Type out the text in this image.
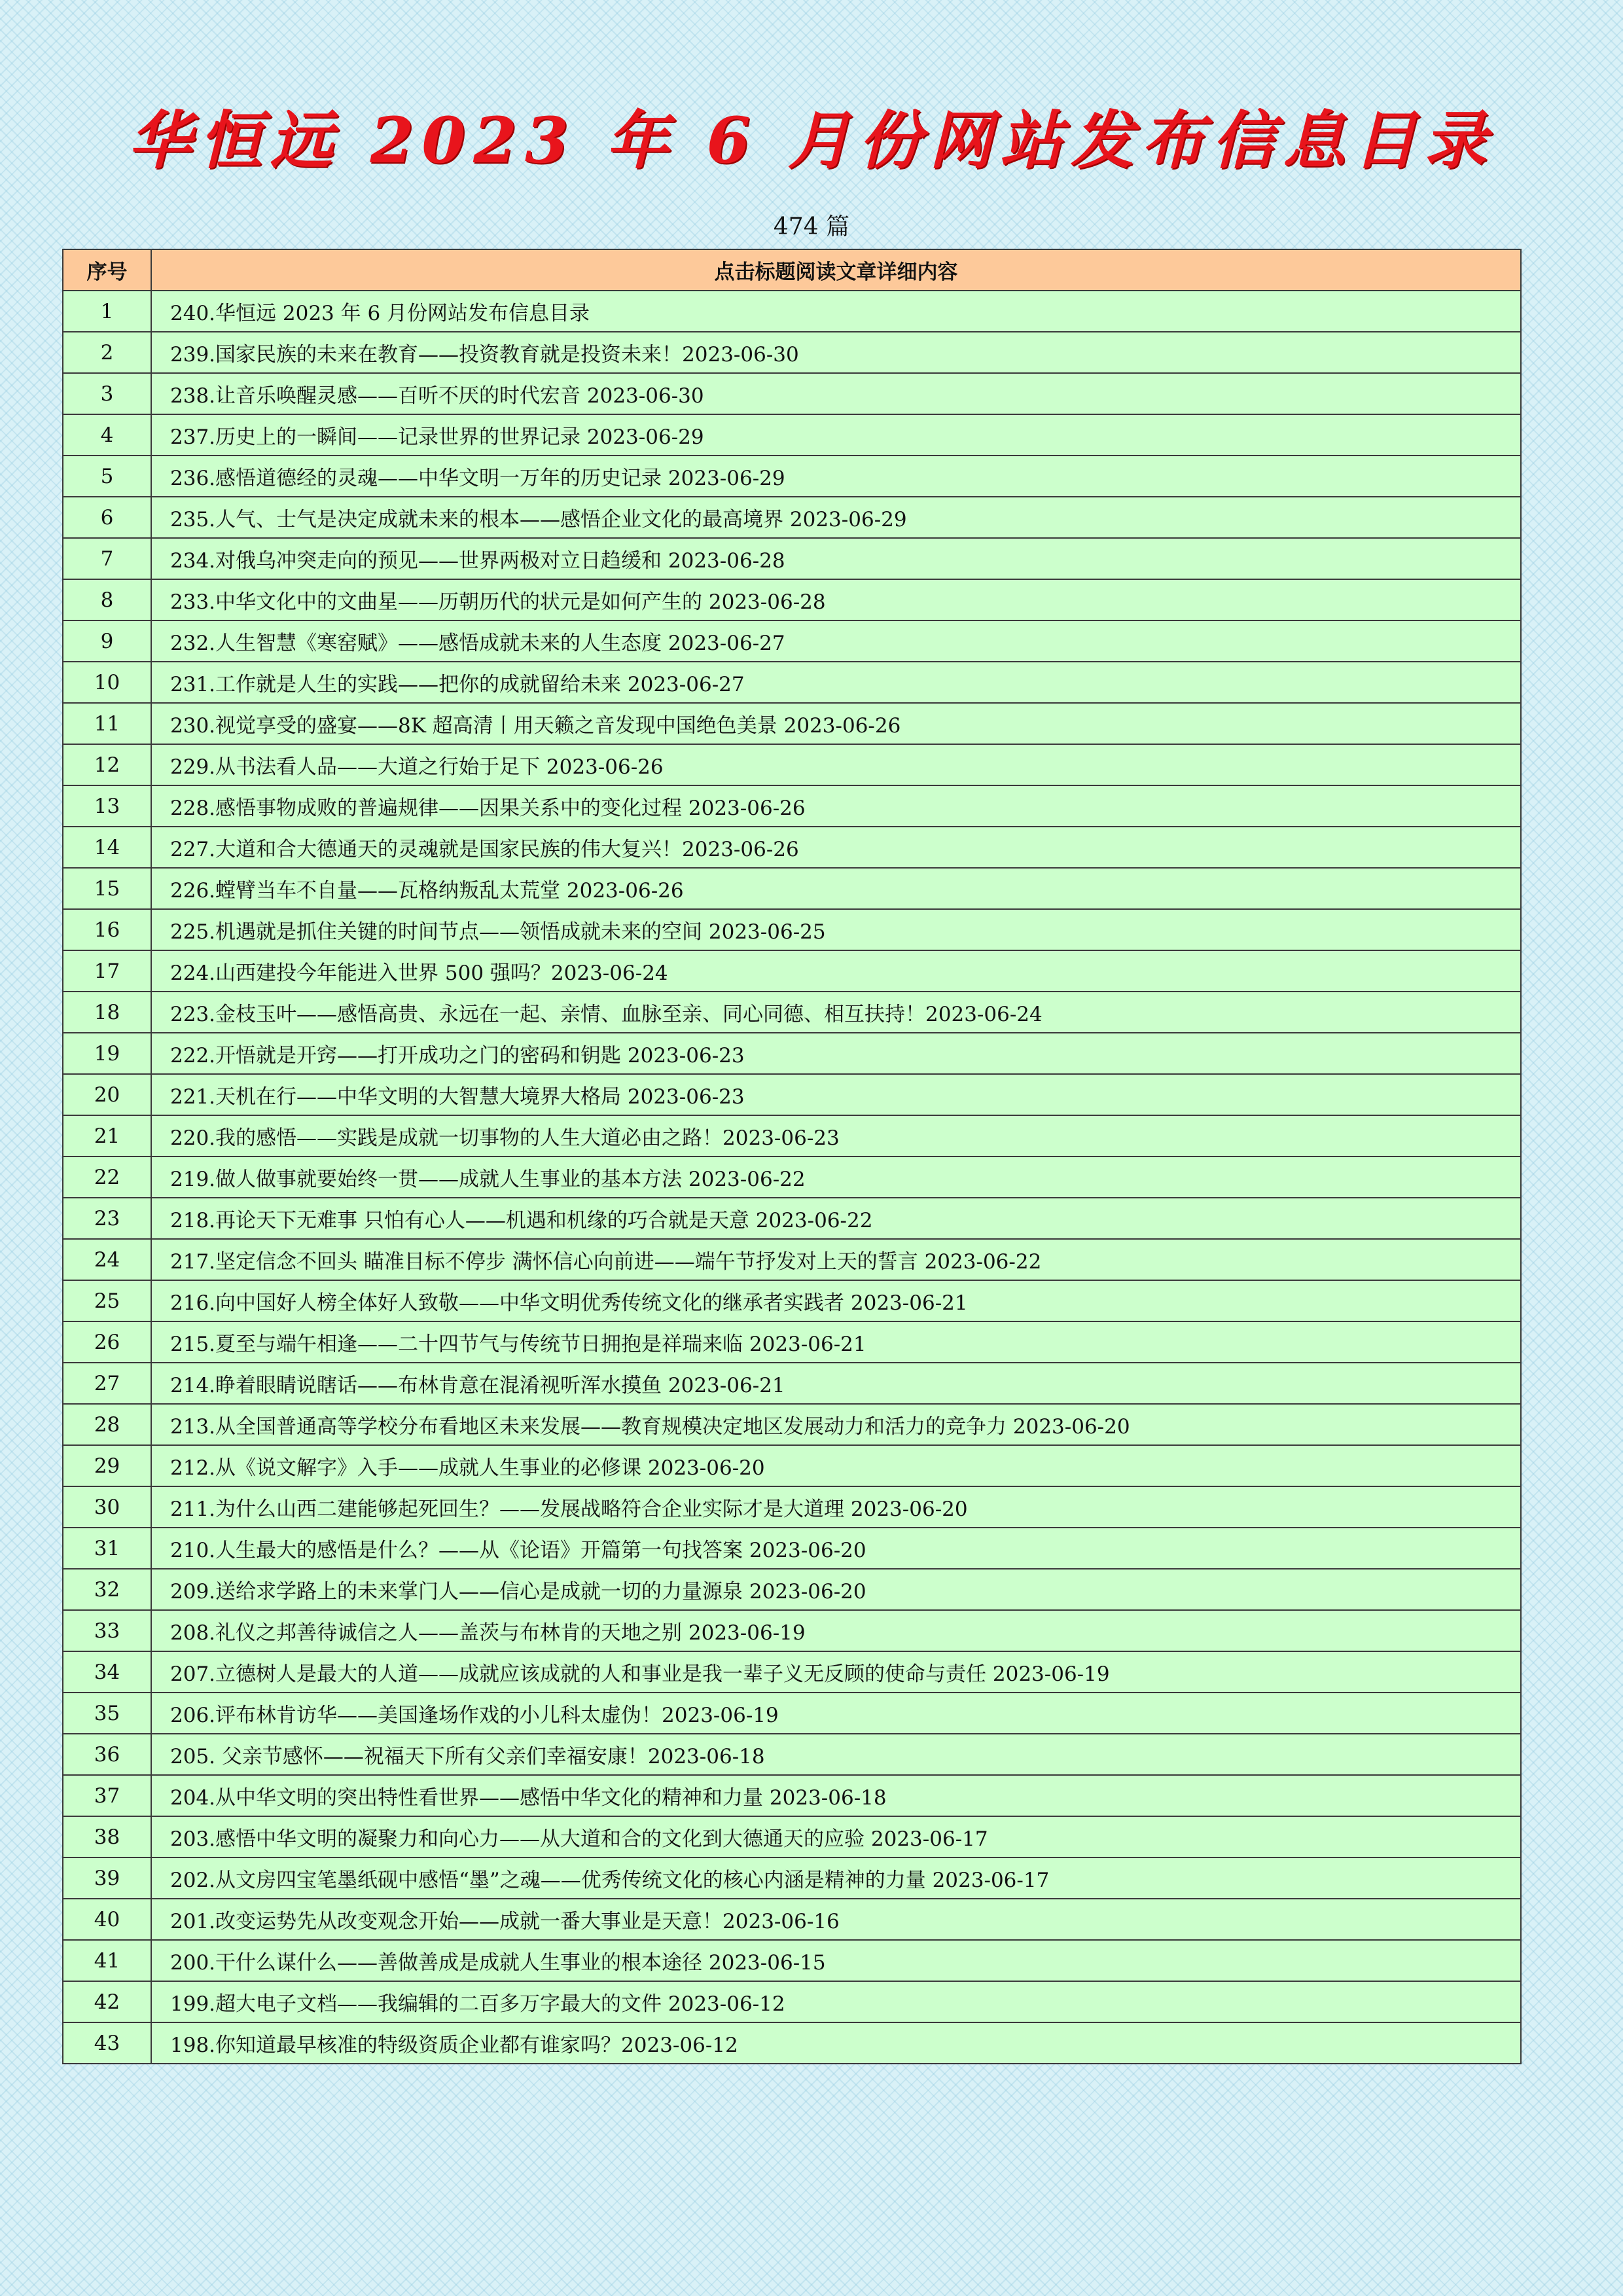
华恒远 2023 年 6 月份网站发布信息目录
474 篇
序号	点击标题阅读文章详细内容
1	240.华恒远 2023 年 6 月份网站发布信息目录
2	239.国家民族的未来在教育——投资教育就是投资未来！2023-06-30
3	238.让音乐唤醒灵感——百听不厌的时代宏音 2023-06-30
4	237.历史上的一瞬间——记录世界的世界记录 2023-06-29
5	236.感悟道德经的灵魂——中华文明一万年的历史记录 2023-06-29
6	235.人气、士气是决定成就未来的根本——感悟企业文化的最高境界 2023-06-29
7	234.对俄乌冲突走向的预见——世界两极对立日趋缓和 2023-06-28
8	233.中华文化中的文曲星——历朝历代的状元是如何产生的 2023-06-28
9	232.人生智慧《寒窑赋》——感悟成就未来的人生态度 2023-06-27
10	231.工作就是人生的实践——把你的成就留给未来 2023-06-27
11	230.视觉享受的盛宴——8K 超高清丨用天籁之音发现中国绝色美景 2023-06-26
12	229.从书法看人品——大道之行始于足下 2023-06-26
13	228.感悟事物成败的普遍规律——因果关系中的变化过程 2023-06-26
14	227.大道和合大德通天的灵魂就是国家民族的伟大复兴！2023-06-26
15	226.螳臂当车不自量——瓦格纳叛乱太荒堂 2023-06-26
16	225.机遇就是抓住关键的时间节点——领悟成就未来的空间 2023-06-25
17	224.山西建投今年能进入世界 500 强吗？2023-06-24
18	223.金枝玉叶——感悟高贵、永远在一起、亲情、血脉至亲、同心同德、相互扶持！2023-06-24
19	222.开悟就是开窍——打开成功之门的密码和钥匙 2023-06-23
20	221.天机在行——中华文明的大智慧大境界大格局 2023-06-23
21	220.我的感悟——实践是成就一切事物的人生大道必由之路！2023-06-23
22	219.做人做事就要始终一贯——成就人生事业的基本方法 2023-06-22
23	218.再论天下无难事 只怕有心人——机遇和机缘的巧合就是天意 2023-06-22
24	217.坚定信念不回头 瞄准目标不停步 满怀信心向前进——端午节抒发对上天的誓言 2023-06-22
25	216.向中国好人榜全体好人致敬——中华文明优秀传统文化的继承者实践者 2023-06-21
26	215.夏至与端午相逢——二十四节气与传统节日拥抱是祥瑞来临 2023-06-21
27	214.睁着眼睛说瞎话——布林肯意在混淆视听浑水摸鱼 2023-06-21
28	213.从全国普通高等学校分布看地区未来发展——教育规模决定地区发展动力和活力的竞争力 2023-06-20
29	212.从《说文解字》入手——成就人生事业的必修课 2023-06-20
30	211.为什么山西二建能够起死回生？——发展战略符合企业实际才是大道理 2023-06-20
31	210.人生最大的感悟是什么？——从《论语》开篇第一句找答案 2023-06-20
32	209.送给求学路上的未来掌门人——信心是成就一切的力量源泉 2023-06-20
33	208.礼仪之邦善待诚信之人——盖茨与布林肯的天地之别 2023-06-19
34	207.立德树人是最大的人道——成就应该成就的人和事业是我一辈子义无反顾的使命与责任 2023-06-19
35	206.评布林肯访华——美国逢场作戏的小儿科太虚伪！2023-06-19
36	205. 父亲节感怀——祝福天下所有父亲们幸福安康！2023-06-18
37	204.从中华文明的突出特性看世界——感悟中华文化的精神和力量 2023-06-18
38	203.感悟中华文明的凝聚力和向心力——从大道和合的文化到大德通天的应验 2023-06-17
39	202.从文房四宝笔墨纸砚中感悟“墨”之魂——优秀传统文化的核心内涵是精神的力量 2023-06-17
40	201.改变运势先从改变观念开始——成就一番大事业是天意！2023-06-16
41	200.干什么谋什么——善做善成是成就人生事业的根本途径 2023-06-15
42	199.超大电子文档——我编辑的二百多万字最大的文件 2023-06-12
43	198.你知道最早核准的特级资质企业都有谁家吗？2023-06-12
